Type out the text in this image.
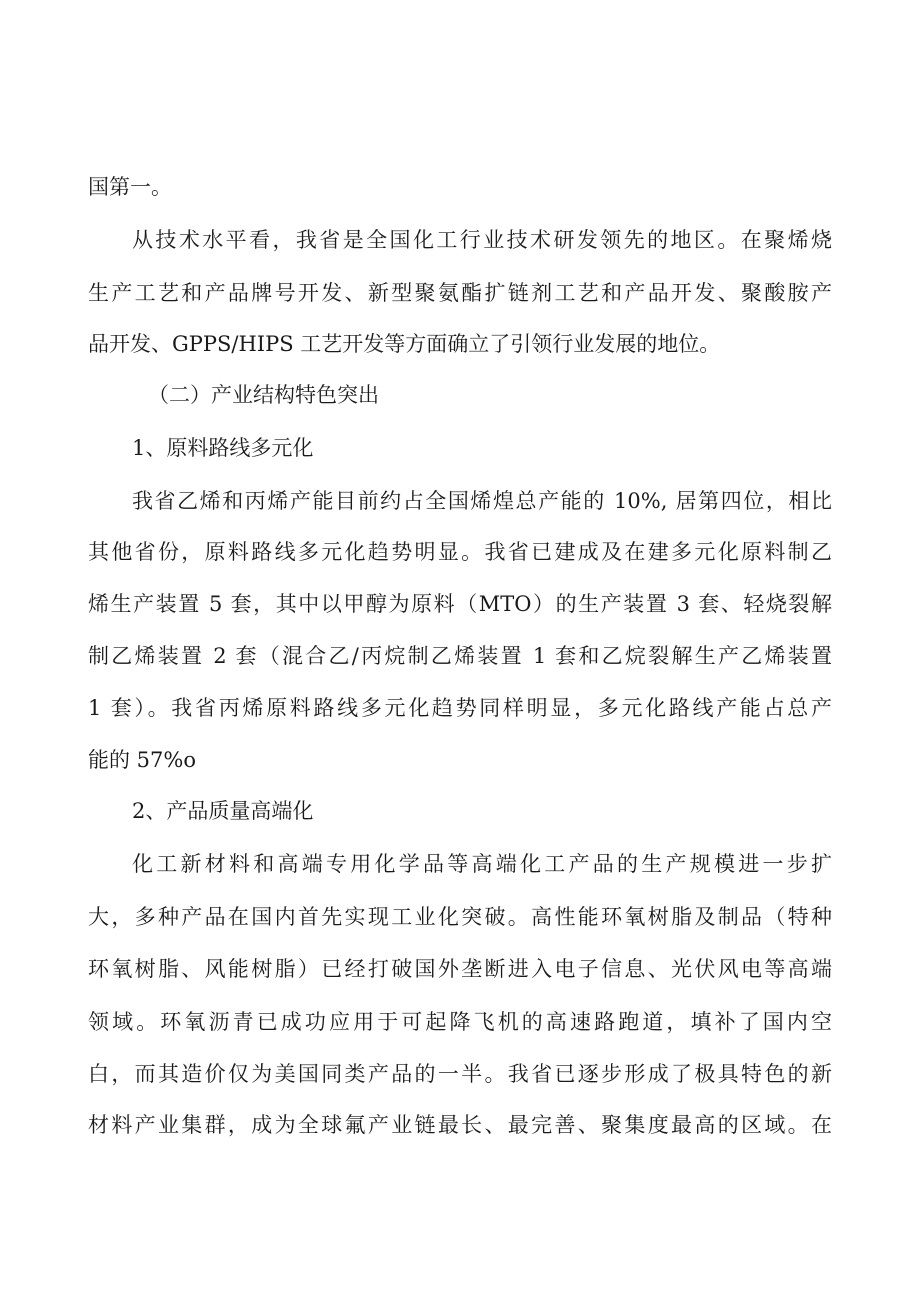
国第一。
从技术水平看，我省是全国化工行业技术研发领先的地区。在聚烯烧
生产工艺和产品牌号开发、新型聚氨酯扩链剂工艺和产品开发、聚酸胺产
品开发、GPPS/HIPS 工艺开发等方面确立了引领行业发展的地位。
（二）产业结构特色突出
1、原料路线多元化
我省乙烯和丙烯产能目前约占全国烯煌总产能的 10%, 居第四位，相比
其他省份，原料路线多元化趋势明显。我省已建成及在建多元化原料制乙
烯生产装置 5 套，其中以甲醇为原料（MTO）的生产装置 3 套、轻烧裂解
制乙烯装置 2 套（混合乙/丙烷制乙烯装置 1 套和乙烷裂解生产乙烯装置
1 套）。我省丙烯原料路线多元化趋势同样明显，多元化路线产能占总产
能的 57%o
2、产品质量高端化
化工新材料和高端专用化学品等高端化工产品的生产规模进一步扩
大，多种产品在国内首先实现工业化突破。高性能环氧树脂及制品（特种
环氧树脂、风能树脂）已经打破国外垄断进入电子信息、光伏风电等高端
领域。环氧沥青已成功应用于可起降飞机的高速路跑道，填补了国内空
白，而其造价仅为美国同类产品的一半。我省已逐步形成了极具特色的新
材料产业集群，成为全球氟产业链最长、最完善、聚集度最高的区域。在
